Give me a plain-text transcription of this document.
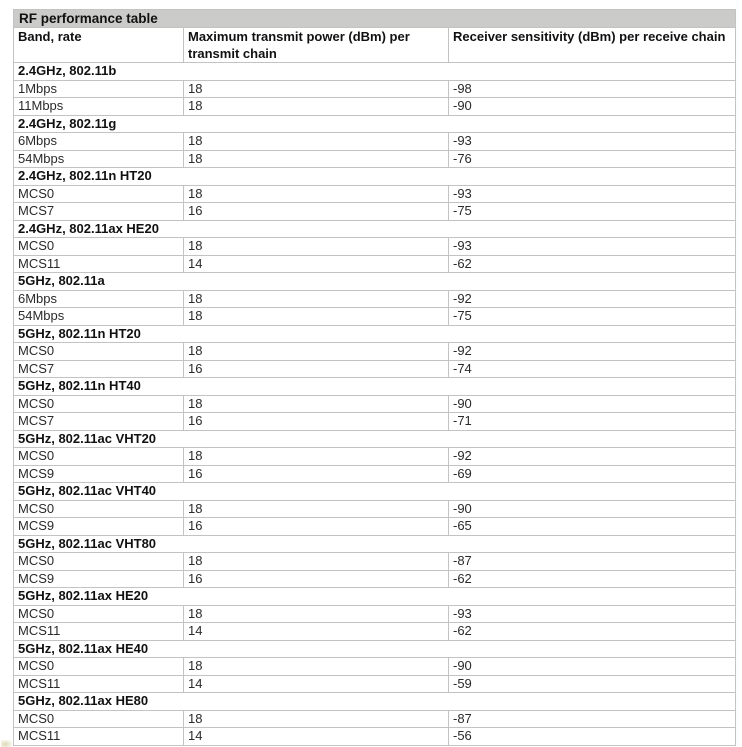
RF performance table		
Band, rate	Maximum transmit power (dBm) per transmit chain	Receiver sensitivity (dBm) per receive chain
2.4GHz, 802.11b		
1Mbps	18	-98
11Mbps	18	-90
2.4GHz, 802.11g		
6Mbps	18	-93
54Mbps	18	-76
2.4GHz, 802.11n HT20		
MCS0	18	-93
MCS7	16	-75
2.4GHz, 802.11ax HE20		
MCS0	18	-93
MCS11	14	-62
5GHz, 802.11a		
6Mbps	18	-92
54Mbps	18	-75
5GHz, 802.11n HT20		
MCS0	18	-92
MCS7	16	-74
5GHz, 802.11n HT40		
MCS0	18	-90
MCS7	16	-71
5GHz, 802.11ac VHT20		
MCS0	18	-92
MCS9	16	-69
5GHz, 802.11ac VHT40		
MCS0	18	-90
MCS9	16	-65
5GHz, 802.11ac VHT80		
MCS0	18	-87
MCS9	16	-62
5GHz, 802.11ax HE20		
MCS0	18	-93
MCS11	14	-62
5GHz, 802.11ax HE40		
MCS0	18	-90
MCS11	14	-59
5GHz, 802.11ax HE80		
MCS0	18	-87
MCS11	14	-56
